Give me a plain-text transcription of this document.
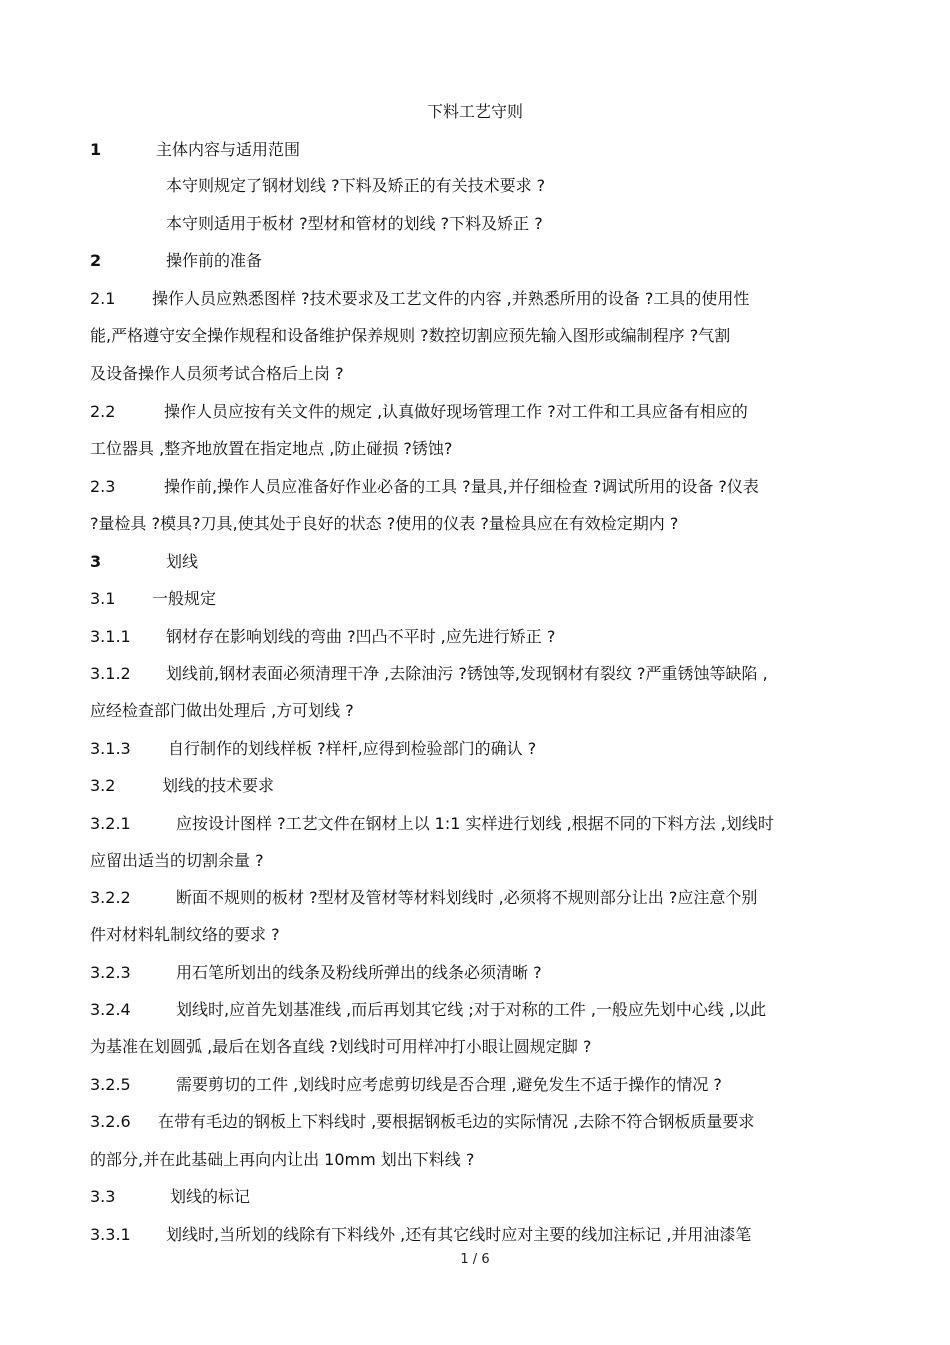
下料工艺守则
1	主体内容与适用范围
本守则规定了钢材划线 ?下料及矫正的有关技术要求 ?
本守则适用于板材 ?型材和管材的划线 ?下料及矫正 ?
2	操作前的准备
2.1 操作人员应熟悉图样 ?技术要求及工艺文件的内容 ,并熟悉所用的设备 ?工具的使用性
能,严格遵守安全操作规程和设备维护保养规则 ?数控切割应预先输入图形或编制程序 ?气割
及设备操作人员须考试合格后上岗 ?
2.2	操作人员应按有关文件的规定 ,认真做好现场管理工作 ?对工件和工具应备有相应的
工位器具 ,整齐地放置在指定地点 ,防止碰损 ?锈蚀?
2.3	操作前,操作人员应准备好作业必备的工具 ?量具,并仔细检查 ?调试所用的设备 ?仪表
?量检具 ?模具?刀具,使其处于良好的状态 ?使用的仪表 ?量检具应在有效检定期内 ?
3	划线
3.1 一般规定
3.1.1 钢材存在影响划线的弯曲 ?凹凸不平时 ,应先进行矫正 ?
3.1.2 划线前,钢材表面必须清理干净 ,去除油污 ?锈蚀等,发现钢材有裂纹 ?严重锈蚀等缺陷 ,
应经检查部门做出处理后 ,方可划线 ?
3.1.3 自行制作的划线样板 ?样杆,应得到检验部门的确认 ?
3.2	划线的技术要求
3.2.1	应按设计图样 ?工艺文件在钢材上以 1:1 实样进行划线 ,根据不同的下料方法 ,划线时
应留出适当的切割余量 ?
3.2.2	断面不规则的板材 ?型材及管材等材料划线时 ,必须将不规则部分让出 ?应注意个别
件对材料轧制纹络的要求 ?
3.2.3	用石笔所划出的线条及粉线所弹出的线条必须清晰 ?
3.2.4	划线时,应首先划基准线 ,而后再划其它线 ;对于对称的工件 ,一般应先划中心线 ,以此
为基准在划圆弧 ,最后在划各直线 ?划线时可用样冲打小眼让圆规定脚 ?
3.2.5	需要剪切的工件 ,划线时应考虑剪切线是否合理 ,避免发生不适于操作的情况 ?
3.2.6 在带有毛边的钢板上下料线时 ,要根据钢板毛边的实际情况 ,去除不符合钢板质量要求
的部分,并在此基础上再向内让出 10mm 划出下料线 ?
3.3	划线的标记
3.3.1 划线时,当所划的线除有下料线外 ,还有其它线时应对主要的线加注标记 ,并用油漆笔
1 / 6
